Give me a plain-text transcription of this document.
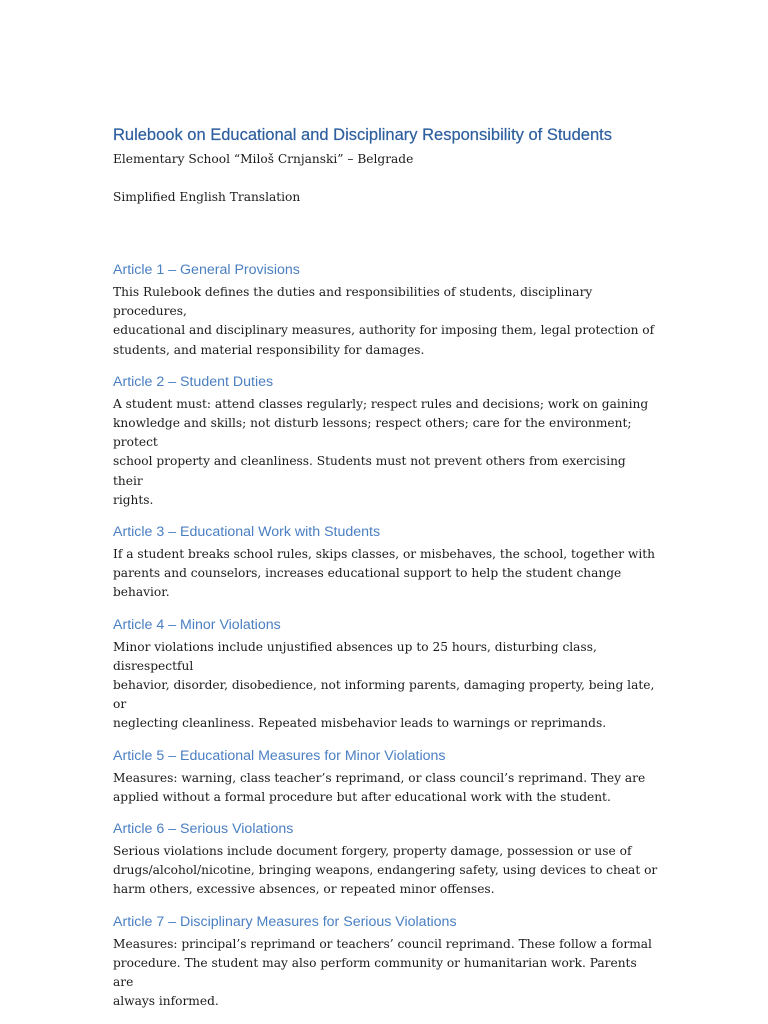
Rulebook on Educational and Disciplinary Responsibility of Students

Elementary School “Miloš Crnjanski” – Belgrade

Simplified English Translation

Article 1 – General Provisions

This Rulebook defines the duties and responsibilities of students, disciplinary procedures,
educational and disciplinary measures, authority for imposing them, legal protection of
students, and material responsibility for damages.

Article 2 – Student Duties

A student must: attend classes regularly; respect rules and decisions; work on gaining
knowledge and skills; not disturb lessons; respect others; care for the environment; protect
school property and cleanliness. Students must not prevent others from exercising their
rights.

Article 3 – Educational Work with Students

If a student breaks school rules, skips classes, or misbehaves, the school, together with
parents and counselors, increases educational support to help the student change behavior.

Article 4 – Minor Violations

Minor violations include unjustified absences up to 25 hours, disturbing class, disrespectful
behavior, disorder, disobedience, not informing parents, damaging property, being late, or
neglecting cleanliness. Repeated misbehavior leads to warnings or reprimands.

Article 5 – Educational Measures for Minor Violations

Measures: warning, class teacher’s reprimand, or class council’s reprimand. They are
applied without a formal procedure but after educational work with the student.

Article 6 – Serious Violations

Serious violations include document forgery, property damage, possession or use of
drugs/alcohol/nicotine, bringing weapons, endangering safety, using devices to cheat or
harm others, excessive absences, or repeated minor offenses.

Article 7 – Disciplinary Measures for Serious Violations

Measures: principal’s reprimand or teachers’ council reprimand. These follow a formal
procedure. The student may also perform community or humanitarian work. Parents are
always informed.
